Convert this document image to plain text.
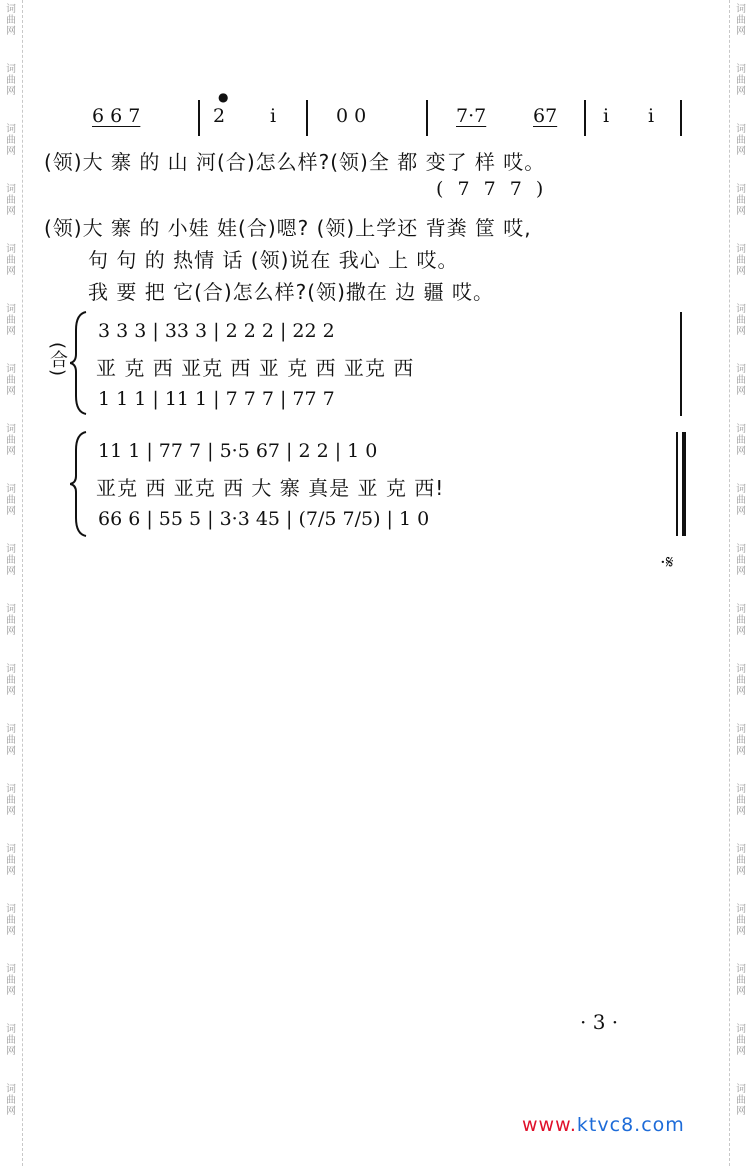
词
曲
网
词
曲
网
词
曲
网
词
曲
网
词
曲
网
词
曲
网
词
曲
网
词
曲
网
词
曲
网
词
曲
网
词
曲
网
词
曲
网
词
曲
网
词
曲
网
词
曲
网
词
曲
网
词
曲
网
词
曲
网
词
曲
网
词
曲
网
词
曲
网
词
曲
网
词
曲
网
词
曲
网
词
曲
网
词
曲
网
词
曲
网
词
曲
网
词
曲
网
词
曲
网
词
曲
网
词
曲
网
词
曲
网
词
曲
网
词
曲
网
词
曲
网
词
曲
网
词
曲
网
6 6 7	2
●
i	0 0	7·7 67 i i
(领)大 寨 的 山 河(合)怎么样?(领)全 都 变了 样 哎。
( 7 7 7 )
(领)大 寨 的 小娃 娃(合)嗯? (领)上学还 背粪 筐 哎,
句 句 的 热情 话 (领)说在 我心 上 哎。
我 要 把 它(合)怎么样?(领)撒在 边 疆 哎。
(合)
3 3 3 | 33 3 | 2 2 2 | 22 2
亚 克 西 亚克 西 亚 克 西 亚克 西
1 1 1 | 11 1 | 7 7 7 | 77 7
11 1 | 77 7 | 5·5 67 | 2 2 | 1 0
亚克 西 亚克 西 大 寨 真是 亚 克 西!
66 6 | 55 5 | 3·3 45 | (7/5 7/5) | 1 0
·𝄋
· 3 ·
www.ktvc8.com
